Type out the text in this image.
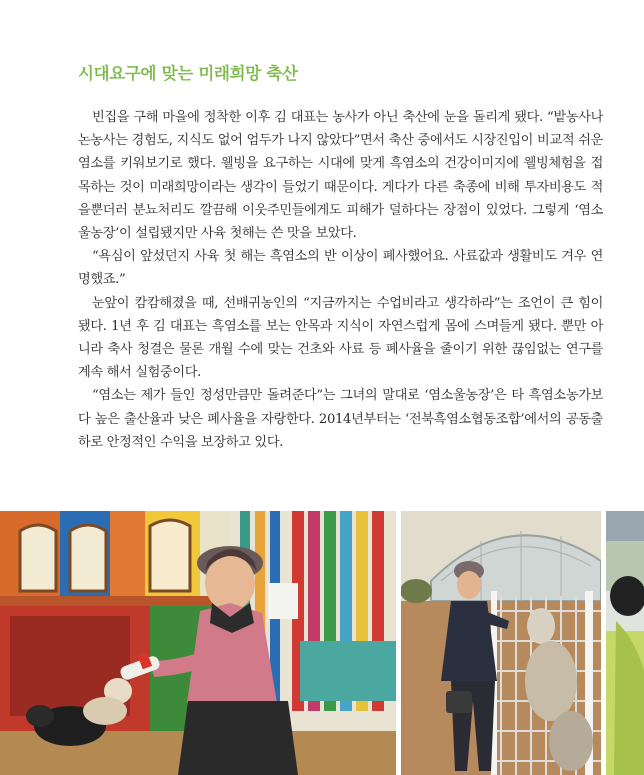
시대요구에 맞는 미래희망 축산

빈집을 구해 마을에 정착한 이후 김 대표는 농사가 아닌 축산에 눈을 돌리게 됐다. “밭농사나 논농사는 경험도, 지식도 없어 엄두가 나지 않았다”면서 축산 중에서도 시장진입이 비교적 쉬운 염소를 키워보기로 했다. 웰빙을 요구하는 시대에 맞게 흑염소의 건강이미지에 웰빙체험을 접목하는 것이 미래희망이라는 생각이 들었기 때문이다. 게다가 다른 축종에 비해 투자비용도 적을뿐더러 분뇨처리도 깔끔해 이웃주민들에게도 피해가 덜하다는 장점이 있었다. 그렇게 ‘염소울농장’이 설립됐지만 사육 첫해는 쓴 맛을 보았다.

“욕심이 앞섰던지 사육 첫 해는 흑염소의 반 이상이 폐사했어요. 사료값과 생활비도 겨우 연명했죠.”

눈앞이 캄캄해졌을 때, 선배귀농인의 “지금까지는 수업비라고 생각하라”는 조언이 큰 힘이 됐다. 1년 후 김 대표는 흑염소를 보는 안목과 지식이 자연스럽게 몸에 스며들게 됐다. 뿐만 아니라 축사 청결은 물론 개월 수에 맞는 건초와 사료 등 폐사율을 줄이기 위한 끊임없는 연구를 계속 해서 실험중이다.

“염소는 제가 들인 정성만큼만 돌려준다”는 그녀의 말대로 ‘염소울농장’은 타 흑염소농가보다 높은 출산율과 낮은 폐사율을 자랑한다. 2014년부터는 ‘전북흑염소협동조합’에서의 공동출하로 안정적인 수익을 보장하고 있다.
